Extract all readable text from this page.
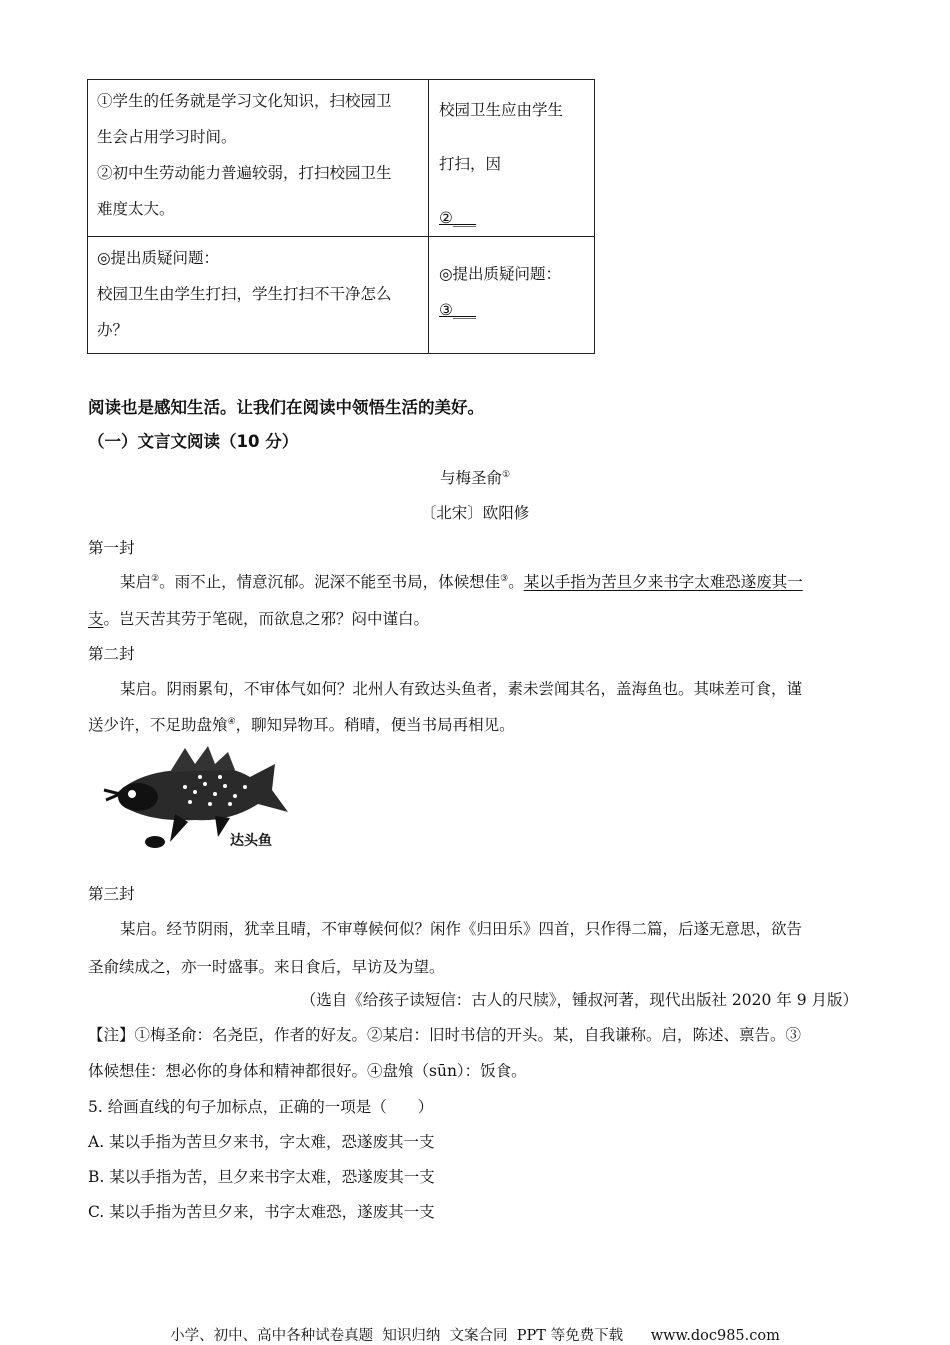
①学生的任务就是学习文化知识，扫校园卫

生会占用学习时间。

②初中生劳动能力普遍较弱，打扫校园卫生

难度太大。

校园卫生应由学生

打扫，因

②___

◎提出质疑问题：

校园卫生由学生打扫，学生打扫不干净怎么

办？

◎提出质疑问题：

③___

阅读也是感知生活。让我们在阅读中领悟生活的美好。
（一）文言文阅读（10 分）
与梅圣俞①
〔北宋〕欧阳修
第一封
某启②。雨不止，情意沉郁。泥深不能至书局，体候想佳③。某以手指为苦旦夕来书字太难恐遂废其一
支。岂天苦其劳于笔砚，而欲息之邪？闷中谨白。
第二封
某启。阴雨累旬，不审体气如何？北州人有致达头鱼者，素未尝闻其名，盖海鱼也。其味差可食，谨
送少许，不足助盘飧④，聊知异物耳。稍晴，便当书局再相见。
达头鱼
第三封
某启。经节阴雨，犹幸且晴，不审尊候何似？闲作《归田乐》四首，只作得二篇，后遂无意思，欲告
圣俞续成之，亦一时盛事。来日食后，早访及为望。
（选自《给孩子读短信：古人的尺牍》，锺叔河著，现代出版社 2020 年 9 月版）
【注】①梅圣俞：名尧臣，作者的好友。②某启：旧时书信的开头。某，自我谦称。启，陈述、禀告。③
体候想佳：想必你的身体和精神都很好。④盘飧（sūn）：饭食。
5. 给画直线的句子加标点，正确的一项是（　　）
A. 某以手指为苦旦夕来书，字太难，恐遂废其一支
B. 某以手指为苦，旦夕来书字太难，恐遂废其一支
C. 某以手指为苦旦夕来，书字太难恐，遂废其一支
小学、初中、高中各种试卷真题  知识归纳  文案合同  PPT 等免费下载      www.doc985.com
